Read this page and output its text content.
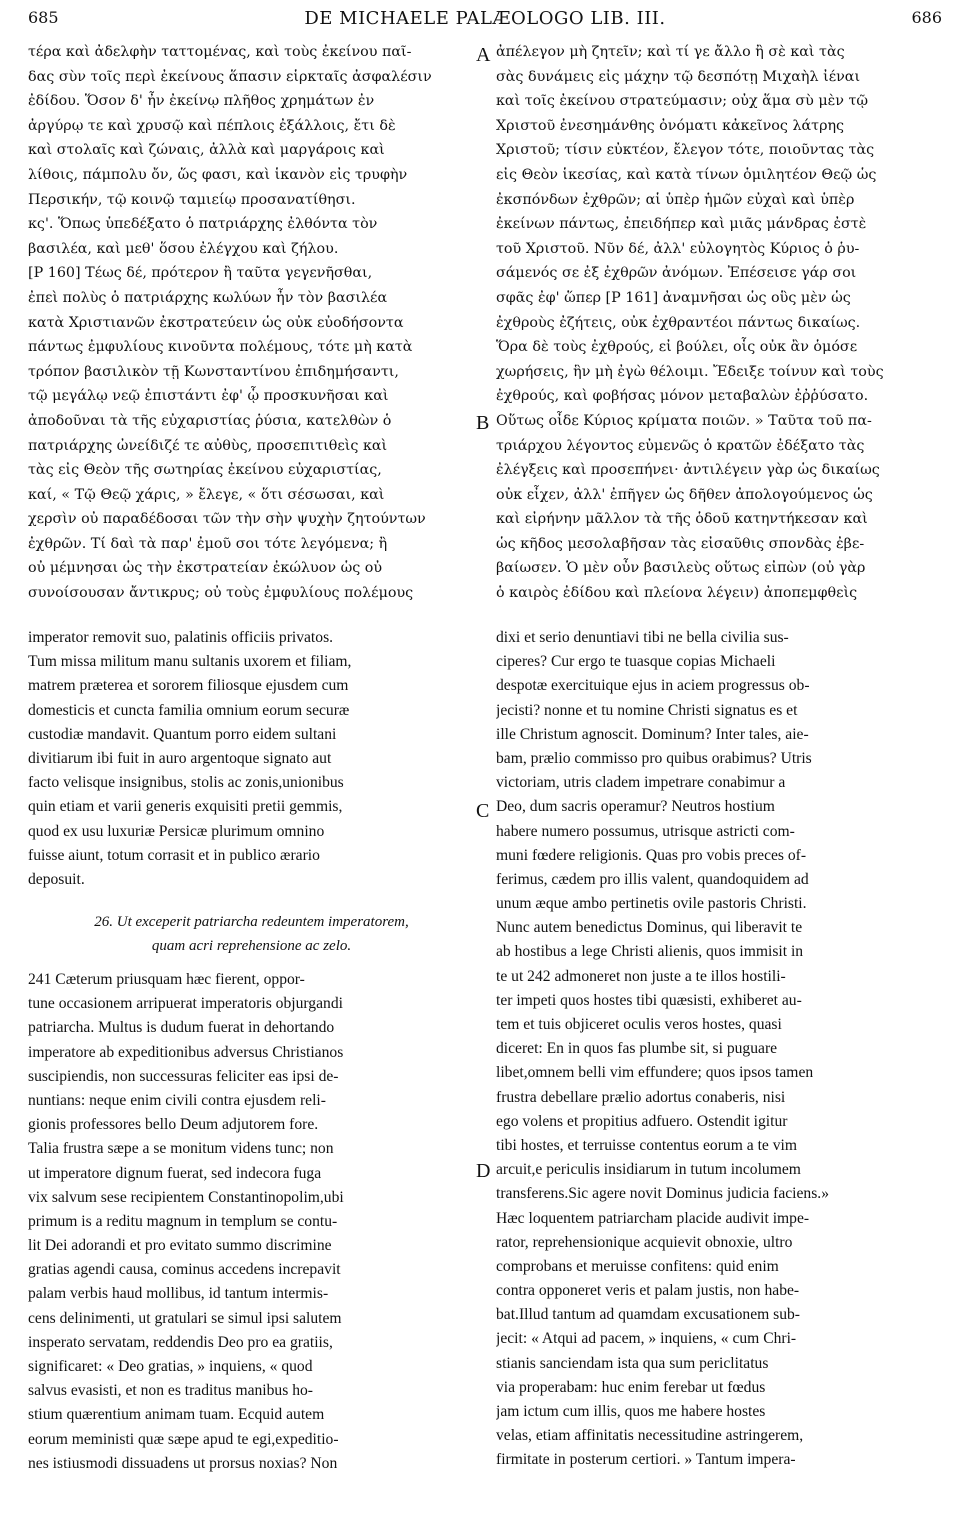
685	DE MICHAELE PALÆOLOGO LIB. III.	686
τέρα καὶ ἀδελφὴν ταττομένας, καὶ τοὺς ἐκείνου παῖ-
δας σὺν τοῖς περὶ ἐκείνους ἅπασιν εἱρκταῖς ἀσφαλέσιν
ἐδίδου. Ὅσον δ' ἦν ἐκείνῳ πλῆθος χρημάτων ἐν
ἀργύρῳ τε καὶ χρυσῷ καὶ πέπλοις ἐξάλλοις, ἔτι δὲ
καὶ στολαῖς καὶ ζώναις, ἀλλὰ καὶ μαργάροις καὶ
λίθοις, πάμπολυ ὄν, ὥς φασι, καὶ ἱκανὸν εἰς τρυφὴν
Περσικήν, τῷ κοινῷ ταμιείῳ προσανατίθησι.
κς'. Ὅπως ὑπεδέξατο ὁ πατριάρχης ἐλθόντα τὸν
βασιλέα, καὶ μεθ' ὅσου ἐλέγχου καὶ ζήλου.
[P 160] Τέως δέ, πρότερον ἢ ταῦτα γεγενῆσθαι,
ἐπεὶ πολὺς ὁ πατριάρχης κωλύων ἦν τὸν βασιλέα
κατὰ Χριστιανῶν ἐκστρατεύειν ὡς οὐκ εὐοδήσοντα
πάντως ἐμφυλίους κινοῦντα πολέμους, τότε μὴ κατὰ
τρόπον βασιλικὸν τῇ Κωνσταντίνου ἐπιδημήσαντι,
τῷ μεγάλῳ νεῷ ἐπιστάντι ἐφ' ᾧ προσκυνῆσαι καὶ
ἀποδοῦναι τὰ τῆς εὐχαριστίας ῥύσια, κατελθὼν ὁ
πατριάρχης ὠνείδιζέ τε αὐθὺς, προσεπιτιθεὶς καὶ
τὰς εἰς Θεὸν τῆς σωτηρίας ἐκείνου εὐχαριστίας,
καί, « Τῷ Θεῷ χάρις, » ἔλεγε, « ὅτι σέσωσαι, καὶ
χερσὶν οὐ παραδέδοσαι τῶν τὴν σὴν ψυχὴν ζητούντων
ἐχθρῶν. Τί δαὶ τὰ παρ' ἐμοῦ σοι τότε λεγόμενα; ἢ
οὐ μέμνησαι ὡς τὴν ἐκστρατείαν ἐκώλυον ὡς οὐ
συνοίσουσαν ἄντικρυς; οὐ τοὺς ἐμφυλίους πολέμους
ἀπέλεγον μὴ ζητεῖν; καὶ τί γε ἄλλο ἢ σὲ καὶ τὰς
σὰς δυνάμεις εἰς μάχην τῷ δεσπότῃ Μιχαὴλ ἰέναι
καὶ τοῖς ἐκείνου στρατεύμασιν; οὐχ ἅμα σὺ μὲν τῷ
Χριστοῦ ἐνεσημάνθης ὀνόματι κἀκεῖνος λάτρης
Χριστοῦ; τίσιν εὐκτέον, ἔλεγον τότε, ποιοῦντας τὰς
εἰς Θεὸν ἱκεσίας, καὶ κατὰ τίνων ὁμιλητέον Θεῷ ὡς
ἐκσπόνδων ἐχθρῶν; αἱ ὑπὲρ ἡμῶν εὐχαὶ καὶ ὑπὲρ
ἐκείνων πάντως, ἐπειδήπερ καὶ μιᾶς μάνδρας ἐστὲ
τοῦ Χριστοῦ. Νῦν δέ, ἀλλ' εὐλογητὸς Κύριος ὁ ῥυ-
σάμενός σε ἐξ ἐχθρῶν ἀνόμων. Ἐπέσεισε γάρ σοι
σφᾶς ἐφ' ὥπερ [P 161] ἀναμνῆσαι ὡς οὓς μὲν ὡς
ἐχθροὺς ἐζήτεις, οὐκ ἐχθραντέοι πάντως δικαίως.
Ὅρα δὲ τοὺς ἐχθρούς, εἰ βούλει, οἷς οὐκ ἂν ὁμόσε
χωρήσεις, ἣν μὴ ἐγὼ θέλοιμι. Ἔδειξε τοίνυν καὶ τοὺς
ἐχθρούς, καὶ φοβήσας μόνον μεταβαλὼν ἐῤῥύσατο.
Οὕτως οἶδε Κύριος κρίματα ποιῶν. » Ταῦτα τοῦ πα-
τριάρχου λέγοντος εὐμενῶς ὁ κρατῶν ἐδέξατο τὰς
ἐλέγξεις καὶ προσεπήνει· ἀντιλέγειν γὰρ ὡς δικαίως
οὐκ εἶχεν, ἀλλ' ἐπῆγεν ὡς δῆθεν ἀπολογούμενος ὡς
καὶ εἰρήνην μᾶλλον τὰ τῆς ὁδοῦ κατηντήκεσαν καὶ
ὡς κῆδος μεσολαβῆσαν τὰς εἰσαῦθις σπονδὰς ἐβε-
βαίωσεν. Ὁ μὲν οὖν βασιλεὺς οὕτως εἰπὼν (οὐ γὰρ
ὁ καιρὸς ἐδίδου καὶ πλείονα λέγειν) ἀποπεμφθεὶς
A
B
C
D
imperator removit suo, palatinis officiis privatos.
Tum missa militum manu sultanis uxorem et filiam,
matrem præterea et sororem filiosque ejusdem cum
domesticis et cuncta familia omnium eorum securæ
custodiæ mandavit. Quantum porro eidem sultani
divitiarum ibi fuit in auro argentoque signato aut
facto velisque insignibus, stolis ac zonis,unionibus
quin etiam et varii generis exquisiti pretii gemmis,
quod ex usu luxuriæ Persicæ plurimum omnino
fuisse aiunt, totum corrasit et in publico ærario
deposuit.
26. Ut exceperit patriarcha redeuntem imperatorem,
quam acri reprehensione ac zelo.
241 Cæterum priusquam hæc fierent, oppor-
tune occasionem arripuerat imperatoris objurgandi
patriarcha. Multus is dudum fuerat in dehortando
imperatore ab expeditionibus adversus Christianos
suscipiendis, non successuras feliciter eas ipsi de-
nuntians: neque enim civili contra ejusdem reli-
gionis professores bello Deum adjutorem fore.
Talia frustra sæpe a se monitum videns tunc; non
ut imperatore dignum fuerat, sed indecora fuga
vix salvum sese recipientem Constantinopolim,ubi
primum is a reditu magnum in templum se contu-
lit Dei adorandi et pro evitato summo discrimine
gratias agendi causa, cominus accedens increpavit
palam verbis haud mollibus, id tantum intermis-
cens delinimenti, ut gratulari se simul ipsi salutem
insperato servatam, reddendis Deo pro ea gratiis,
significaret: « Deo gratias, » inquiens, « quod
salvus evasisti, et non es traditus manibus ho-
stium quærentium animam tuam. Ecquid autem
eorum meministi quæ sæpe apud te egi,expeditio-
nes istiusmodi dissuadens ut prorsus noxias? Non
dixi et serio denuntiavi tibi ne bella civilia sus-
ciperes? Cur ergo te tuasque copias Michaeli
despotæ exercituique ejus in aciem progressus ob-
jecisti? nonne et tu nomine Christi signatus es et
ille Christum agnoscit. Dominum? Inter tales, aie-
bam, prælio commisso pro quibus orabimus? Utris
victoriam, utris cladem impetrare conabimur a
Deo, dum sacris operamur? Neutros hostium
habere numero possumus, utrisque astricti com-
muni fœdere religionis. Quas pro vobis preces of-
ferimus, cædem pro illis valent, quandoquidem ad
unum æque ambo pertinetis ovile pastoris Christi.
Nunc autem benedictus Dominus, qui liberavit te
ab hostibus a lege Christi alienis, quos immisit in
te ut 242 admoneret non juste a te illos hostili-
ter impeti quos hostes tibi quæsisti, exhiberet au-
tem et tuis objiceret oculis veros hostes, quasi
diceret: En in quos fas plumbe sit, si puguare
libet,omnem belli vim effundere; quos ipsos tamen
frustra debellare prælio adortus conaberis, nisi
ego volens et propitius adfuero. Ostendit igitur
tibi hostes, et terruisse contentus eorum a te vim
arcuit,e periculis insidiarum in tutum incolumem
transferens.Sic agere novit Dominus judicia faciens.»
Hæc loquentem patriarcham placide audivit impe-
rator, reprehensionique acquievit obnoxie, ultro
comprobans et meruisse confitens: quid enim
contra opponeret veris et palam justis, non habe-
bat.Illud tantum ad quamdam excusationem sub-
jecit: « Atqui ad pacem, » inquiens, « cum Chri-
stianis sanciendam ista qua sum periclitatus
via properabam: huc enim ferebar ut fœdus
jam ictum cum illis, quos me habere hostes
velas, etiam affinitatis necessitudine astringerem,
firmitate in posterum certiori. » Tantum impera-
